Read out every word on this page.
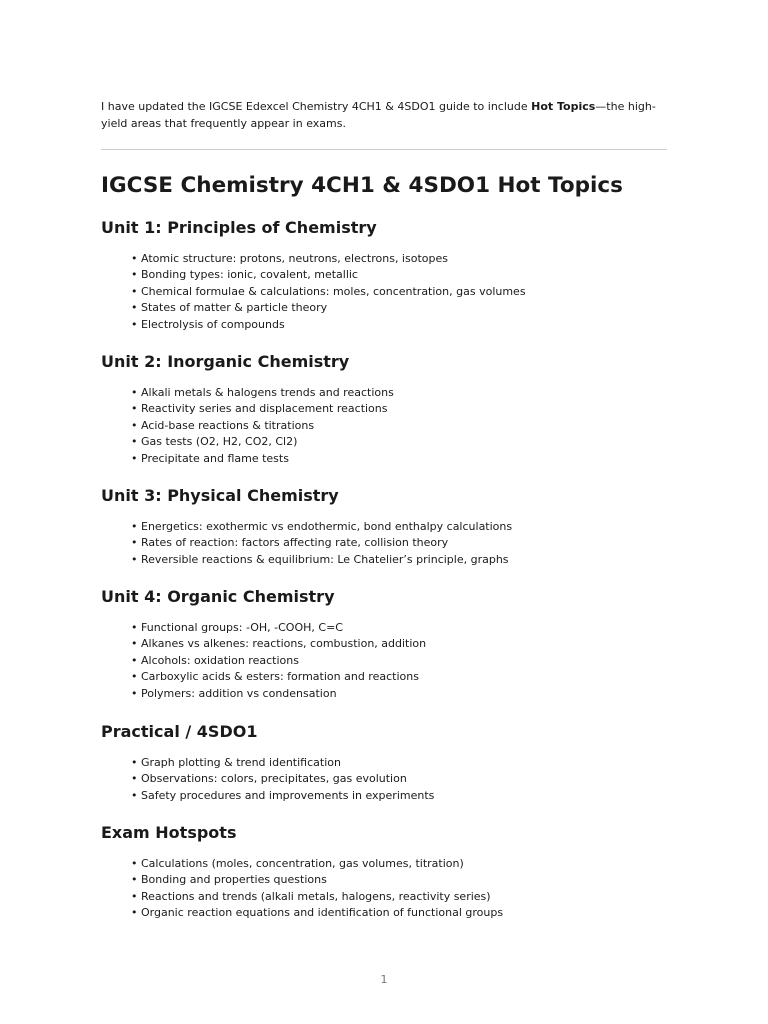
I have updated the IGCSE Edexcel Chemistry 4CH1 & 4SDO1 guide to include Hot Topics—the high-yield areas that frequently appear in exams.

IGCSE Chemistry 4CH1 & 4SDO1 Hot Topics
Unit 1: Principles of Chemistry
• Atomic structure: protons, neutrons, electrons, isotopes
• Bonding types: ionic, covalent, metallic
• Chemical formulae & calculations: moles, concentration, gas volumes
• States of matter & particle theory
• Electrolysis of compounds
Unit 2: Inorganic Chemistry
• Alkali metals & halogens trends and reactions
• Reactivity series and displacement reactions
• Acid-base reactions & titrations
• Gas tests (O2, H2, CO2, Cl2)
• Precipitate and flame tests
Unit 3: Physical Chemistry
• Energetics: exothermic vs endothermic, bond enthalpy calculations
• Rates of reaction: factors affecting rate, collision theory
• Reversible reactions & equilibrium: Le Chatelier’s principle, graphs
Unit 4: Organic Chemistry
• Functional groups: -OH, -COOH, C=C
• Alkanes vs alkenes: reactions, combustion, addition
• Alcohols: oxidation reactions
• Carboxylic acids & esters: formation and reactions
• Polymers: addition vs condensation
Practical / 4SDO1
• Graph plotting & trend identification
• Observations: colors, precipitates, gas evolution
• Safety procedures and improvements in experiments
Exam Hotspots
• Calculations (moles, concentration, gas volumes, titration)
• Bonding and properties questions
• Reactions and trends (alkali metals, halogens, reactivity series)
• Organic reaction equations and identification of functional groups
1
